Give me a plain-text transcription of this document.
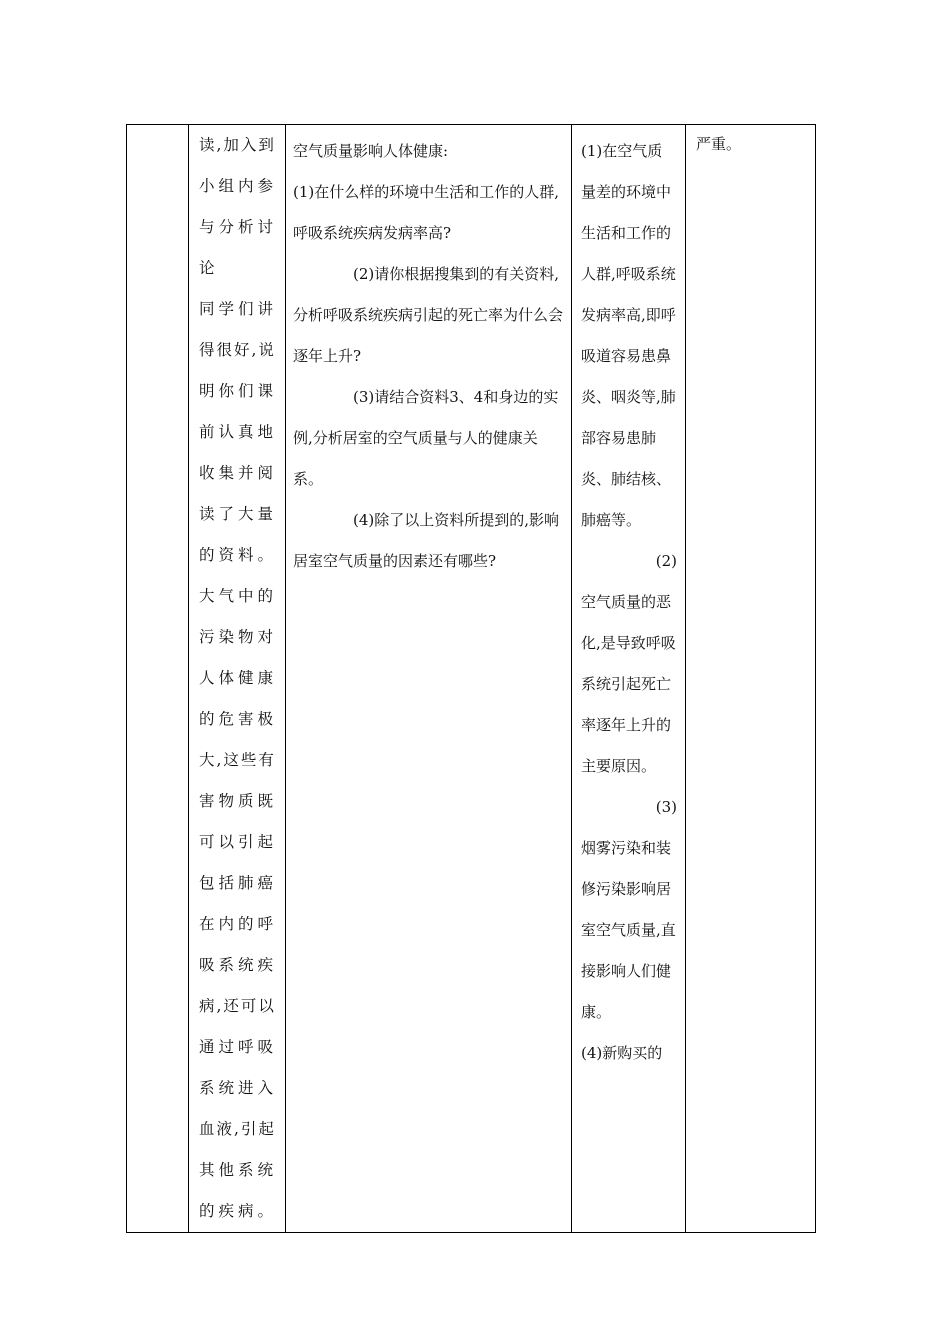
读,加入到
小组内参
与分析讨
论
同学们讲
得很好,说
明你们课
前认真地
收集并阅
读了大量
的资料。
大气中的
污染物对
人体健康
的危害极
大,这些有
害物质既
可以引起
包括肺癌
在内的呼
吸系统疾
病,还可以
通过呼吸
系统进入
血液,引起
其他系统
的疾病。

空气质量影响人体健康:
(1)在什么样的环境中生活和工作的人群,呼吸系统疾病发病率高?
(2)请你根据搜集到的有关资料,分析呼吸系统疾病引起的死亡率为什么会逐年上升?
(3)请结合资料3、4和身边的实例,分析居室的空气质量与人的健康关系。
(4)除了以上资料所提到的,影响居室空气质量的因素还有哪些?

(1)在空气质量差的环境中生活和工作的人群,呼吸系统发病率高,即呼吸道容易患鼻炎、咽炎等,肺部容易患肺炎、肺结核、肺癌等。
(2)
空气质量的恶化,是导致呼吸系统引起死亡率逐年上升的主要原因。
(3)
烟雾污染和装修污染影响居室空气质量,直接影响人们健康。
(4)新购买的

严重。
